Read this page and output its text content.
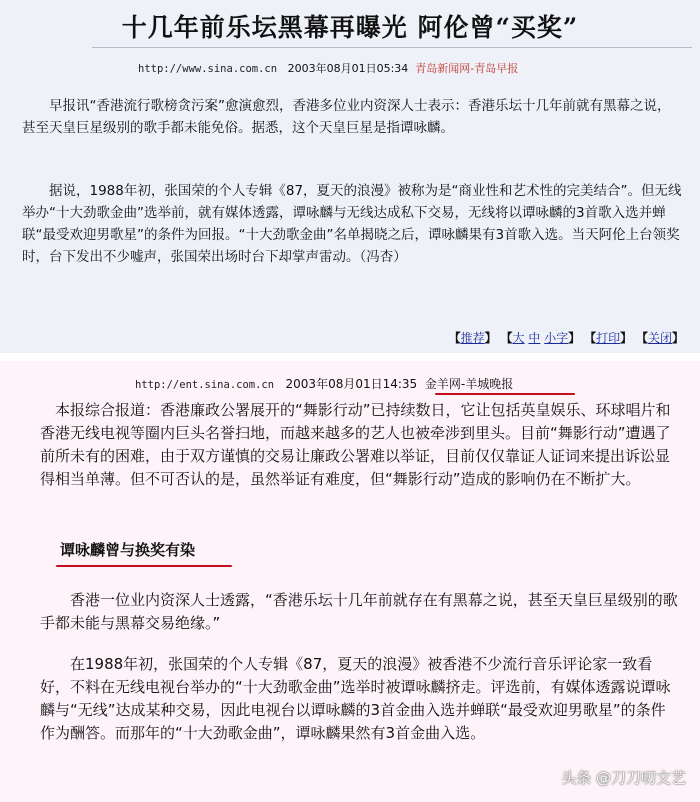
十几年前乐坛黑幕再曝光 阿伦曾“买奖”
http://www.sina.com.cn 2003年08月01日05:34 青岛新闻网-青岛早报

早报讯“香港流行歌榜贪污案”愈演愈烈，香港多位业内资深人士表示：香港乐坛十几年前就有黑幕之说，甚至天皇巨星级别的歌手都未能免俗。据悉，这个天皇巨星是指谭咏麟。

据说，1988年初，张国荣的个人专辑《87，夏天的浪漫》被称为是“商业性和艺术性的完美结合”。但无线举办“十大劲歌金曲”选举前，就有媒体透露，谭咏麟与无线达成私下交易，无线将以谭咏麟的3首歌入选并蝉联“最受欢迎男歌星”的条件为回报。“十大劲歌金曲”名单揭晓之后，谭咏麟果有3首歌入选。当天阿伦上台领奖时，台下发出不少嘘声，张国荣出场时台下却掌声雷动。（冯杏）

【推荐】 【大 中 小字】 【打印】 【关闭】
http://ent.sina.com.cn 2003年08月01日14:35 金羊网-羊城晚报

本报综合报道：香港廉政公署展开的“舞影行动”已持续数日，它让包括英皇娱乐、环球唱片和香港无线电视等圈内巨头名誉扫地，而越来越多的艺人也被牵涉到里头。目前“舞影行动”遭遇了前所未有的困难，由于双方谨慎的交易让廉政公署难以举证，目前仅仅靠证人证词来提出诉讼显得相当单薄。但不可否认的是，虽然举证有难度，但“舞影行动”造成的影响仍在不断扩大。

谭咏麟曾与换奖有染

香港一位业内资深人士透露，“香港乐坛十几年前就存在有黑幕之说，甚至天皇巨星级别的歌手都未能与黑幕交易绝缘。”

在1988年初，张国荣的个人专辑《87，夏天的浪漫》被香港不少流行音乐评论家一致看好，不料在无线电视台举办的“十大劲歌金曲”选举时被谭咏麟挤走。评选前，有媒体透露说谭咏麟与“无线”达成某种交易，因此电视台以谭咏麟的3首金曲入选并蝉联“最受欢迎男歌星”的条件作为酬答。而那年的“十大劲歌金曲”，谭咏麟果然有3首金曲入选。

头条 @刀刀叨文艺
